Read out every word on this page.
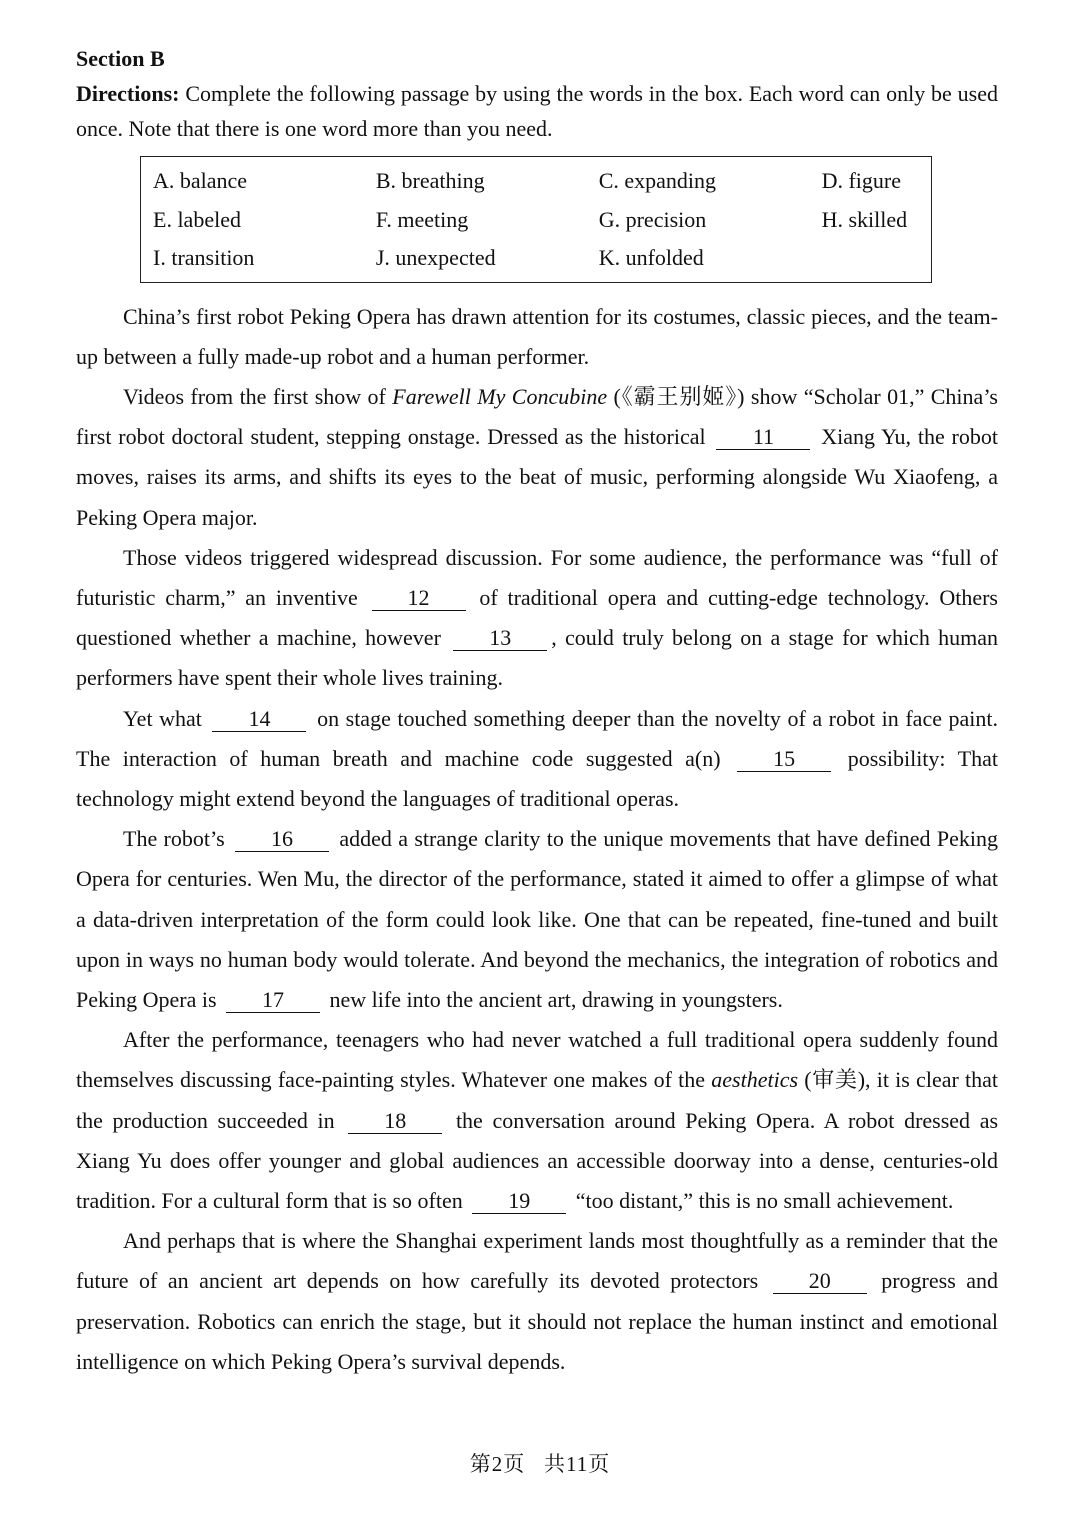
Section B

Directions: Complete the following passage by using the words in the box. Each word can only be used once. Note that there is one word more than you need.

A. balance	B. breathing	C. expanding	D. figure
E. labeled	F. meeting	G. precision	H. skilled
I. transition	J. unexpected	K. unfolded

China’s first robot Peking Opera has drawn attention for its costumes, classic pieces, and the team-up between a fully made-up robot and a human performer.

Videos from the first show of Farewell My Concubine (《霸王别姬》) show “Scholar 01,” China’s first robot doctoral student, stepping onstage. Dressed as the historical 11 Xiang Yu, the robot moves, raises its arms, and shifts its eyes to the beat of music, performing alongside Wu Xiaofeng, a Peking Opera major.

Those videos triggered widespread discussion. For some audience, the performance was “full of futuristic charm,” an inventive 12 of traditional opera and cutting-edge technology. Others questioned whether a machine, however 13 , could truly belong on a stage for which human performers have spent their whole lives training.

Yet what 14 on stage touched something deeper than the novelty of a robot in face paint. The interaction of human breath and machine code suggested a(n) 15 possibility: That technology might extend beyond the languages of traditional operas.

The robot’s 16 added a strange clarity to the unique movements that have defined Peking Opera for centuries. Wen Mu, the director of the performance, stated it aimed to offer a glimpse of what a data-driven interpretation of the form could look like. One that can be repeated, fine-tuned and built upon in ways no human body would tolerate. And beyond the mechanics, the integration of robotics and Peking Opera is 17 new life into the ancient art, drawing in youngsters.

After the performance, teenagers who had never watched a full traditional opera suddenly found themselves discussing face-painting styles. Whatever one makes of the aesthetics (审美), it is clear that the production succeeded in 18 the conversation around Peking Opera. A robot dressed as Xiang Yu does offer younger and global audiences an accessible doorway into a dense, centuries-old tradition. For a cultural form that is so often 19 “too distant,” this is no small achievement.

And perhaps that is where the Shanghai experiment lands most thoughtfully as a reminder that the future of an ancient art depends on how carefully its devoted protectors 20 progress and preservation. Robotics can enrich the stage, but it should not replace the human instinct and emotional intelligence on which Peking Opera’s survival depends.

第2页 共11页
